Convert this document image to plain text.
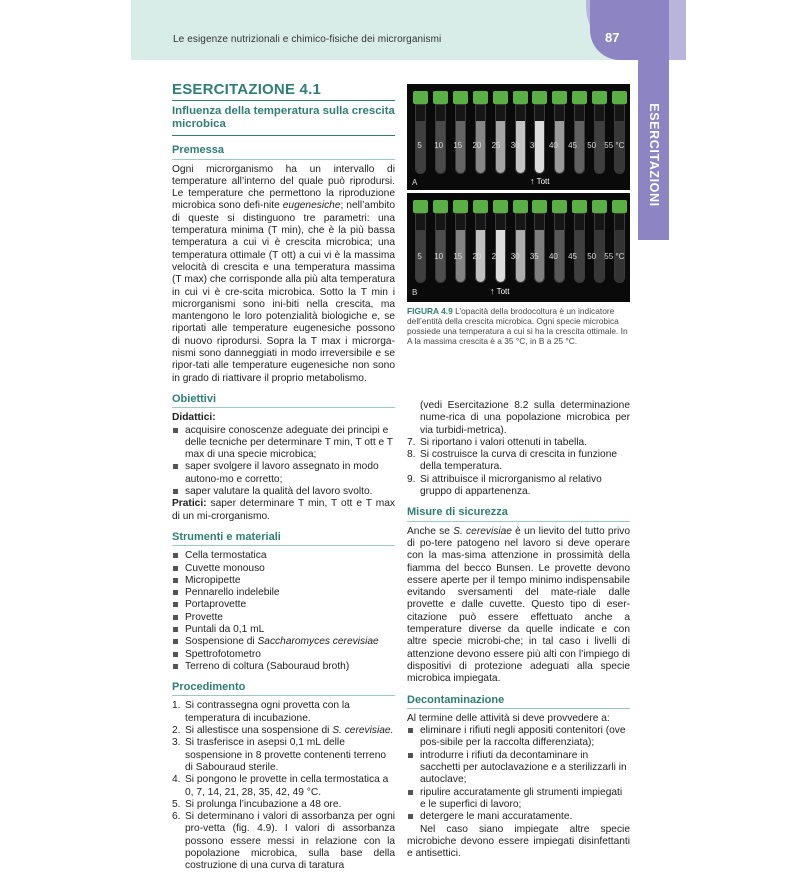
Le esigenze nutrizionali e chimico-fisiche dei microrganismi	87
ESERCITAZIONI
ESERCITAZIONE 4.1
Influenza della temperatura sulla crescita microbica
Premessa

Ogni microrganismo ha un intervallo di temperature all’interno del quale può riprodursi. Le temperature che permettono la riproduzione microbica sono defi-nite eugenesiche; nell’ambito di queste si distinguono tre parametri: una temperatura minima (T min), che è la più bassa temperatura a cui vi è crescita microbica; una temperatura ottimale (T ott) a cui vi è la massima velocità di crescita e una temperatura massima (T max) che corrisponde alla più alta temperatura in cui vi è cre-scita microbica. Sotto la T min i microrganismi sono ini-biti nella crescita, ma mantengono le loro potenzialità biologiche e, se riportati alle temperature eugenesiche possono di nuovo riprodursi. Sopra la T max i microrga-nismi sono danneggiati in modo irreversibile e se ripor-tati alle temperature eugenesiche non sono in grado di riattivare il proprio metabolismo.

Obiettivi
Didattici:
acquisire conoscenze adeguate dei principi e delle tecniche per determinare T min, T ott e T max di una specie microbica;
saper svolgere il lavoro assegnato in modo autono-mo e corretto;
saper valutare la qualità del lavoro svolto.

Pratici: saper determinare T min, T ott e T max di un mi-crorganismo.

Strumenti e materiali
Cella termostatica
Cuvette monouso
Micropipette
Pennarello indelebile
Portaprovette
Provette
Puntali da 0,1 mL
Sospensione di Saccharomyces cerevisiae
Spettrofotometro
Terreno di coltura (Sabouraud broth)
Procedimento
1. Si contrassegna ogni provetta con la temperatura di incubazione.
2. Si allestisce una sospensione di S. cerevisiae.
3. Si trasferisce in asepsi 0,1 mL delle sospensione in 8 provette contenenti terreno di Sabouraud sterile.
4. Si pongono le provette in cella termostatica a 0, 7, 14, 21, 28, 35, 42, 49 °C.
5. Si prolunga l’incubazione a 48 ore.
6. Si determinano i valori di assorbanza per ogni pro-vetta (fig. 4.9). I valori di assorbanza possono essere messi in relazione con la popolazione microbica, sulla base della costruzione di una curva di taratura
5	10	15	20	25	30	35	40	45	50	55 °C
A	↑ Tott
5	10	15	20	25	30	35	40	45	50	55 °C
B	↑ Tott
FIGURA 4.9 L’opacità della brodocoltura è un indicatore dell’entità della crescita microbica. Ogni specie microbica possiede una temperatura a cui si ha la crescita ottimale. In A la massima crescita è a 35 °C, in B a 25 °C.

(vedi Esercitazione 8.2 sulla determinazione nume-rica di una popolazione microbica per via turbidi-metrica).

7. Si riportano i valori ottenuti in tabella.
8. Si costruisce la curva di crescita in funzione della temperatura.
9. Si attribuisce il microrganismo al relativo gruppo di appartenenza.
Misure di sicurezza

Anche se S. cerevisiae è un lievito del tutto privo di po-tere patogeno nel lavoro si deve operare con la mas-sima attenzione in prossimità della fiamma del becco Bunsen. Le provette devono essere aperte per il tempo minimo indispensabile evitando sversamenti del mate-riale dalle provette e dalle cuvette. Questo tipo di eser-citazione può essere effettuato anche a temperature diverse da quelle indicate e con altre specie microbi-che; in tal caso i livelli di attenzione devono essere più alti con l’impiego di dispositivi di protezione adeguati alla specie microbica impiegata.

Decontaminazione

Al termine delle attività si deve provvedere a:

eliminare i rifiuti negli appositi contenitori (ove pos-sibile per la raccolta differenziata);
introdurre i rifiuti da decontaminare in sacchetti per autoclavazione e a sterilizzarli in autoclave;
ripulire accuratamente gli strumenti impiegati e le superfici di lavoro;
detergere le mani accuratamente.

Nel caso siano impiegate altre specie microbiche devono essere impiegati disinfettanti e antisettici.
